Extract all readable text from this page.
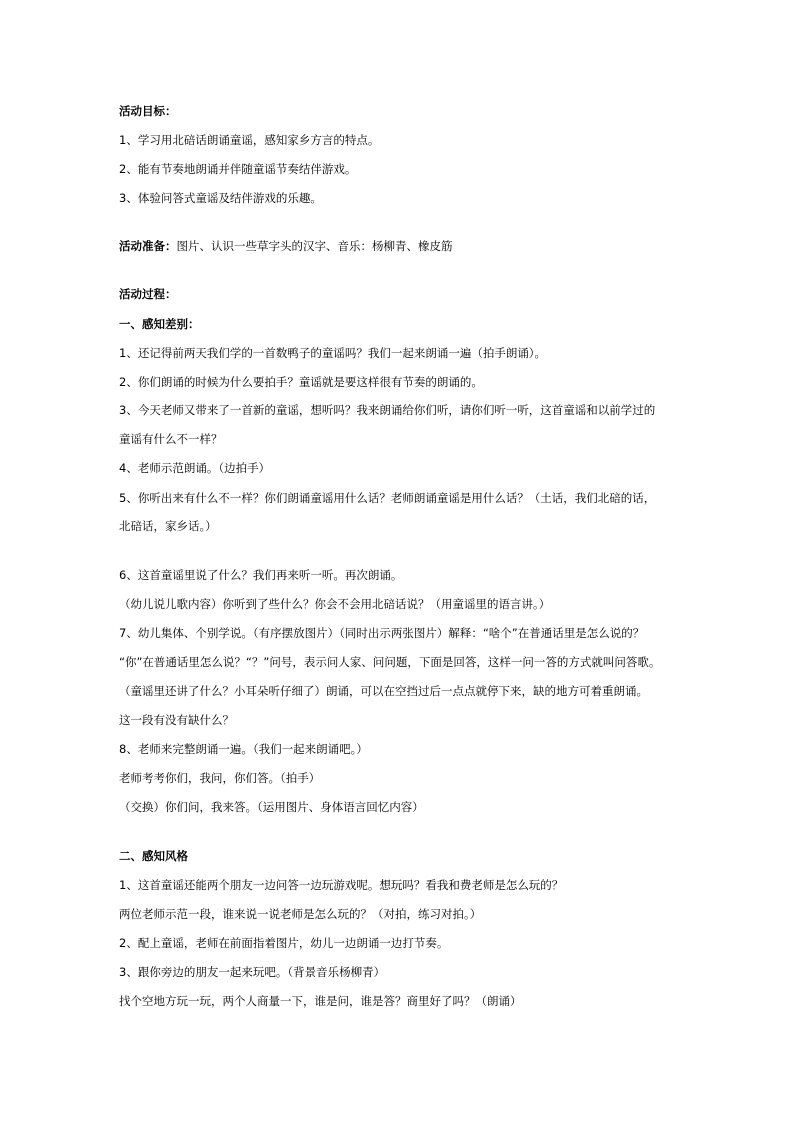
活动目标：
1、学习用北碚话朗诵童谣，感知家乡方言的特点。
2、能有节奏地朗诵并伴随童谣节奏结伴游戏。
3、体验问答式童谣及结伴游戏的乐趣。
活动准备：图片、认识一些草字头的汉字、音乐：杨柳青、橡皮筋
活动过程：
一、感知差别：
1、还记得前两天我们学的一首数鸭子的童谣吗？我们一起来朗诵一遍（拍手朗诵）。
2、你们朗诵的时候为什么要拍手？童谣就是要这样很有节奏的朗诵的。
3、今天老师又带来了一首新的童谣，想听吗？我来朗诵给你们听，请你们听一听，这首童谣和以前学过的
童谣有什么不一样？
4、老师示范朗诵。（边拍手）
5、你听出来有什么不一样？你们朗诵童谣用什么话？老师朗诵童谣是用什么话？（土话，我们北碚的话，
北碚话，家乡话。）
6、这首童谣里说了什么？我们再来听一听。再次朗诵。
（幼儿说儿歌内容）你听到了些什么？你会不会用北碚话说？（用童谣里的语言讲。）
7、幼儿集体、个别学说。（有序摆放图片）（同时出示两张图片）解释：“啥个”在普通话里是怎么说的？
“你”在普通话里怎么说？“？”问号，表示问人家、问问题，下面是回答，这样一问一答的方式就叫问答歌。
（童谣里还讲了什么？小耳朵听仔细了）朗诵，可以在空挡过后一点点就停下来，缺的地方可着重朗诵。
这一段有没有缺什么？
8、老师来完整朗诵一遍。（我们一起来朗诵吧。）
老师考考你们，我问，你们答。（拍手）
（交换）你们问，我来答。（运用图片、身体语言回忆内容）
二、感知风格
1、这首童谣还能两个朋友一边问答一边玩游戏呢。想玩吗？看我和费老师是怎么玩的？
两位老师示范一段，谁来说一说老师是怎么玩的？（对拍，练习对拍。）
2、配上童谣，老师在前面指着图片，幼儿一边朗诵一边打节奏。
3、跟你旁边的朋友一起来玩吧。（背景音乐杨柳青）
找个空地方玩一玩，两个人商量一下，谁是问，谁是答？商里好了吗？（朗诵）
